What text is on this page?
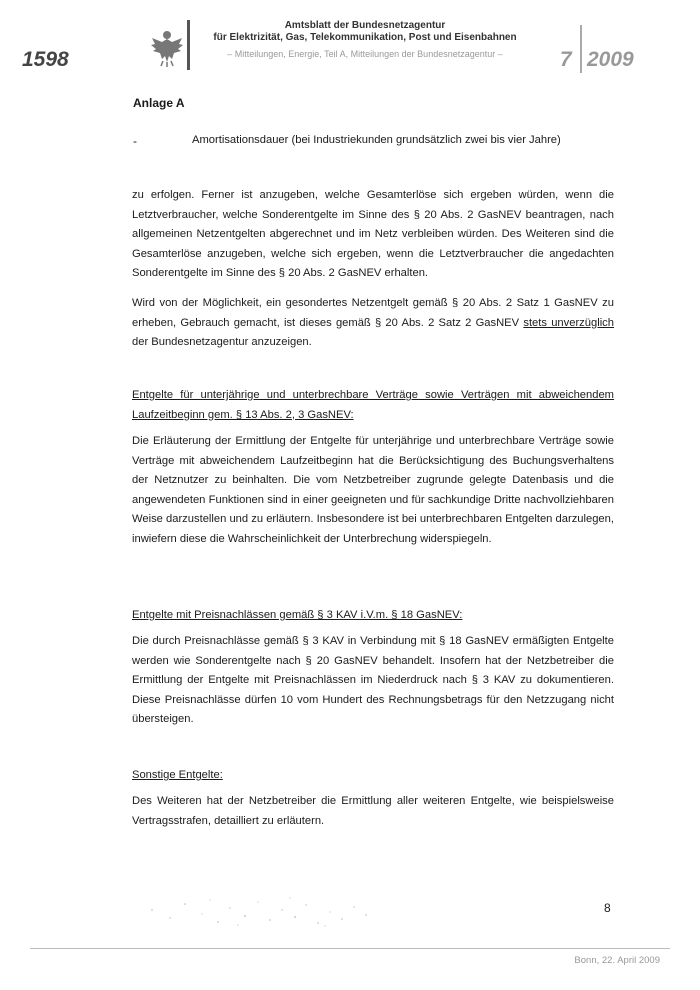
1598
Amtsblatt der Bundesnetzagentur
für Elektrizität, Gas, Telekommunikation, Post und Eisenbahnen
– Mitteilungen, Energie, Teil A, Mitteilungen der Bundesnetzagentur –	7 2009
Anlage A
-	Amortisationsdauer (bei Industriekunden grundsätzlich zwei bis vier Jahre)
zu erfolgen. Ferner ist anzugeben, welche Gesamterlöse sich ergeben würden, wenn die Letztverbraucher, welche Sonderentgelte im Sinne des § 20 Abs. 2 GasNEV beantragen, nach allgemeinen Netzentgelten abgerechnet und im Netz verbleiben würden. Des Weiteren sind die Gesamterlöse anzugeben, welche sich ergeben, wenn die Letztverbraucher die angedachten Sonderentgelte im Sinne des § 20 Abs. 2 GasNEV erhalten.
Wird von der Möglichkeit, ein gesondertes Netzentgelt gemäß § 20 Abs. 2 Satz 1 GasNEV zu erheben, Gebrauch gemacht, ist dieses gemäß § 20 Abs. 2 Satz 2 GasNEV stets unverzüglich der Bundesnetzagentur anzuzeigen.
Entgelte für unterjährige und unterbrechbare Verträge sowie Verträgen mit abweichendem Laufzeitbeginn gem. § 13 Abs. 2, 3 GasNEV:
Die Erläuterung der Ermittlung der Entgelte für unterjährige und unterbrechbare Verträge sowie Verträge mit abweichendem Laufzeitbeginn hat die Berücksichtigung des Buchungsverhaltens der Netznutzer zu beinhalten. Die vom Netzbetreiber zugrunde gelegte Datenbasis und die angewendeten Funktionen sind in einer geeigneten und für sachkundige Dritte nachvollziehbaren Weise darzustellen und zu erläutern. Insbesondere ist bei unterbrechbaren Entgelten darzulegen, inwiefern diese die Wahrscheinlichkeit der Unterbrechung widerspiegeln.
Entgelte mit Preisnachlässen gemäß § 3 KAV i.V.m. § 18 GasNEV:
Die durch Preisnachlässe gemäß § 3 KAV in Verbindung mit § 18 GasNEV ermäßigten Entgelte werden wie Sonderentgelte nach § 20 GasNEV behandelt. Insofern hat der Netzbetreiber die Ermittlung der Entgelte mit Preisnachlässen im Niederdruck nach § 3 KAV zu dokumentieren. Diese Preisnachlässe dürfen 10 vom Hundert des Rechnungsbetrags für den Netzzugang nicht übersteigen.
Sonstige Entgelte:
Des Weiteren hat der Netzbetreiber die Ermittlung aller weiteren Entgelte, wie beispielsweise Vertragsstrafen, detailliert zu erläutern.
8
Bonn, 22. April 2009
